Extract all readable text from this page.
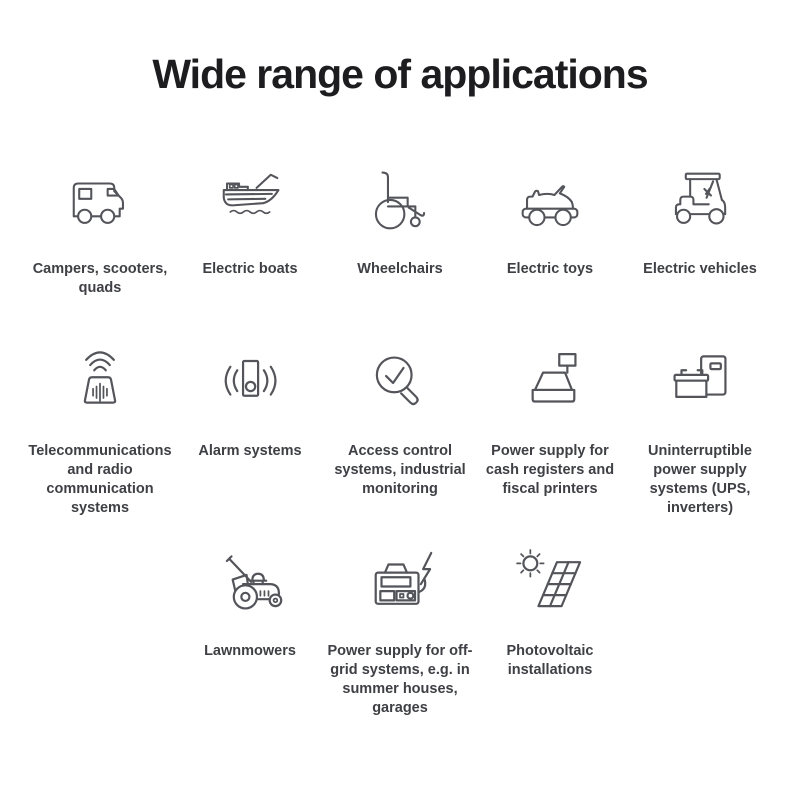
Wide range of applications
Campers, scooters, quads
Electric boats	Wheelchairs	Electric toys	Electric vehicles
Telecommunications and radio communication systems
Alarm systems	Access control systems, industrial monitoring
Power supply for cash registers and fiscal printers
Uninterruptible power supply systems (UPS, inverters)
Lawnmowers Power supply for off-grid systems, e.g. in summer houses, garages
Photovoltaic installations
